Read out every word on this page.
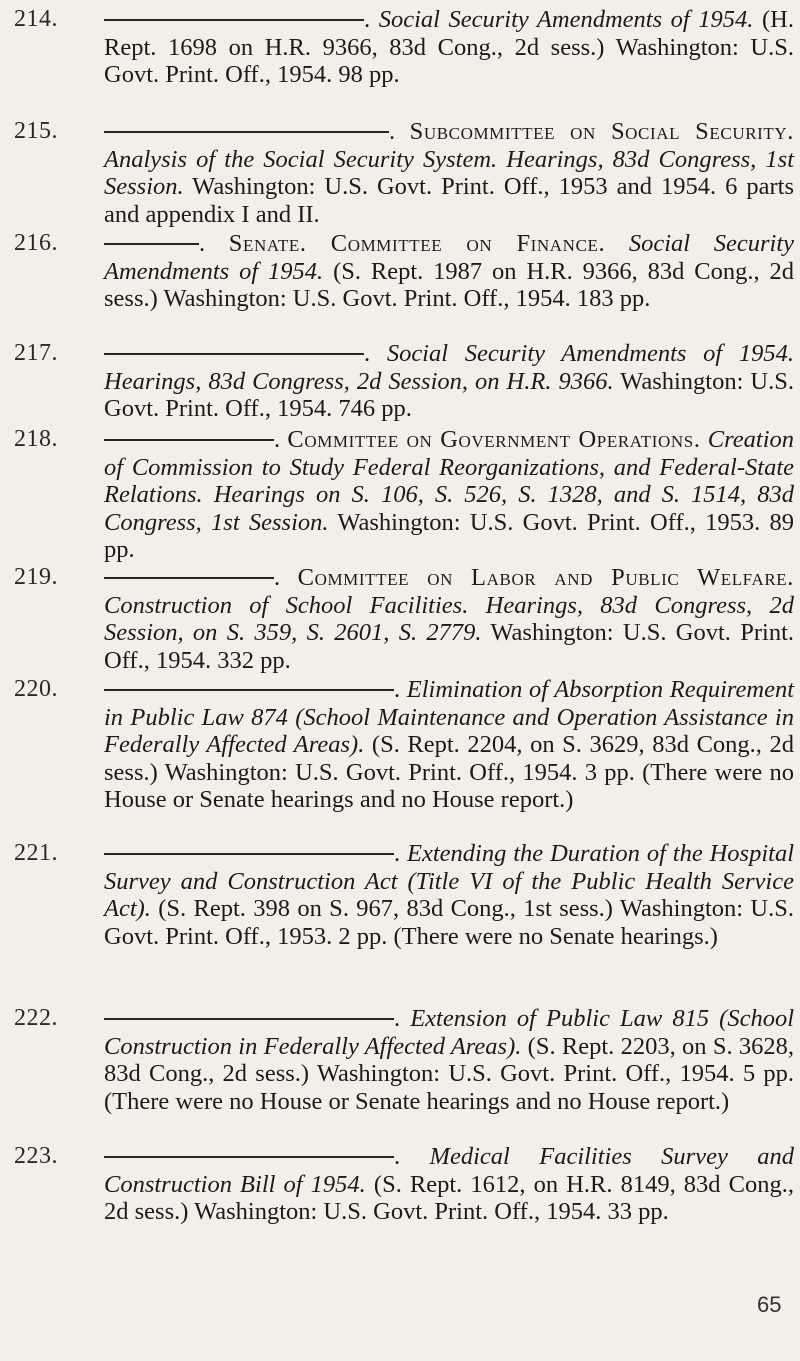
214.	. Social Security Amendments of 1954. (H. Rept. 1698 on H.R. 9366, 83d Cong., 2d sess.) Washington: U.S. Govt. Print. Off., 1954. 98 pp.
215.	. Subcommittee on Social Security. Analysis of the Social Security System. Hearings, 83d Congress, 1st Session. Washington: U.S. Govt. Print. Off., 1953 and 1954. 6 parts and appendix I and II.
216.	. Senate. Committee on Finance. Social Security Amendments of 1954. (S. Rept. 1987 on H.R. 9366, 83d Cong., 2d sess.) Washington: U.S. Govt. Print. Off., 1954. 183 pp.
217.	. Social Security Amendments of 1954. Hearings, 83d Congress, 2d Session, on H.R. 9366. Washington: U.S. Govt. Print. Off., 1954. 746 pp.
218.	. Committee on Government Operations. Creation of Commission to Study Federal Reorganizations, and Federal-State Relations. Hearings on S. 106, S. 526, S. 1328, and S. 1514, 83d Congress, 1st Session. Washington: U.S. Govt. Print. Off., 1953. 89 pp.
219.	. Committee on Labor and Public Welfare. Construction of School Facilities. Hearings, 83d Congress, 2d Session, on S. 359, S. 2601, S. 2779. Washington: U.S. Govt. Print. Off., 1954. 332 pp.
220.	. Elimination of Absorption Requirement in Public Law 874 (School Maintenance and Operation Assistance in Federally Affected Areas). (S. Rept. 2204, on S. 3629, 83d Cong., 2d sess.) Washington: U.S. Govt. Print. Off., 1954. 3 pp. (There were no House or Senate hearings and no House report.)
221.	. Extending the Duration of the Hospital Survey and Construction Act (Title VI of the Public Health Service Act). (S. Rept. 398 on S. 967, 83d Cong., 1st sess.) Washington: U.S. Govt. Print. Off., 1953. 2 pp. (There were no Senate hearings.)
222.	. Extension of Public Law 815 (School Construction in Federally Affected Areas). (S. Rept. 2203, on S. 3628, 83d Cong., 2d sess.) Washington: U.S. Govt. Print. Off., 1954. 5 pp. (There were no House or Senate hearings and no House report.)
223.	. Medical Facilities Survey and Construction Bill of 1954. (S. Rept. 1612, on H.R. 8149, 83d Cong., 2d sess.) Washington: U.S. Govt. Print. Off., 1954. 33 pp.
65
